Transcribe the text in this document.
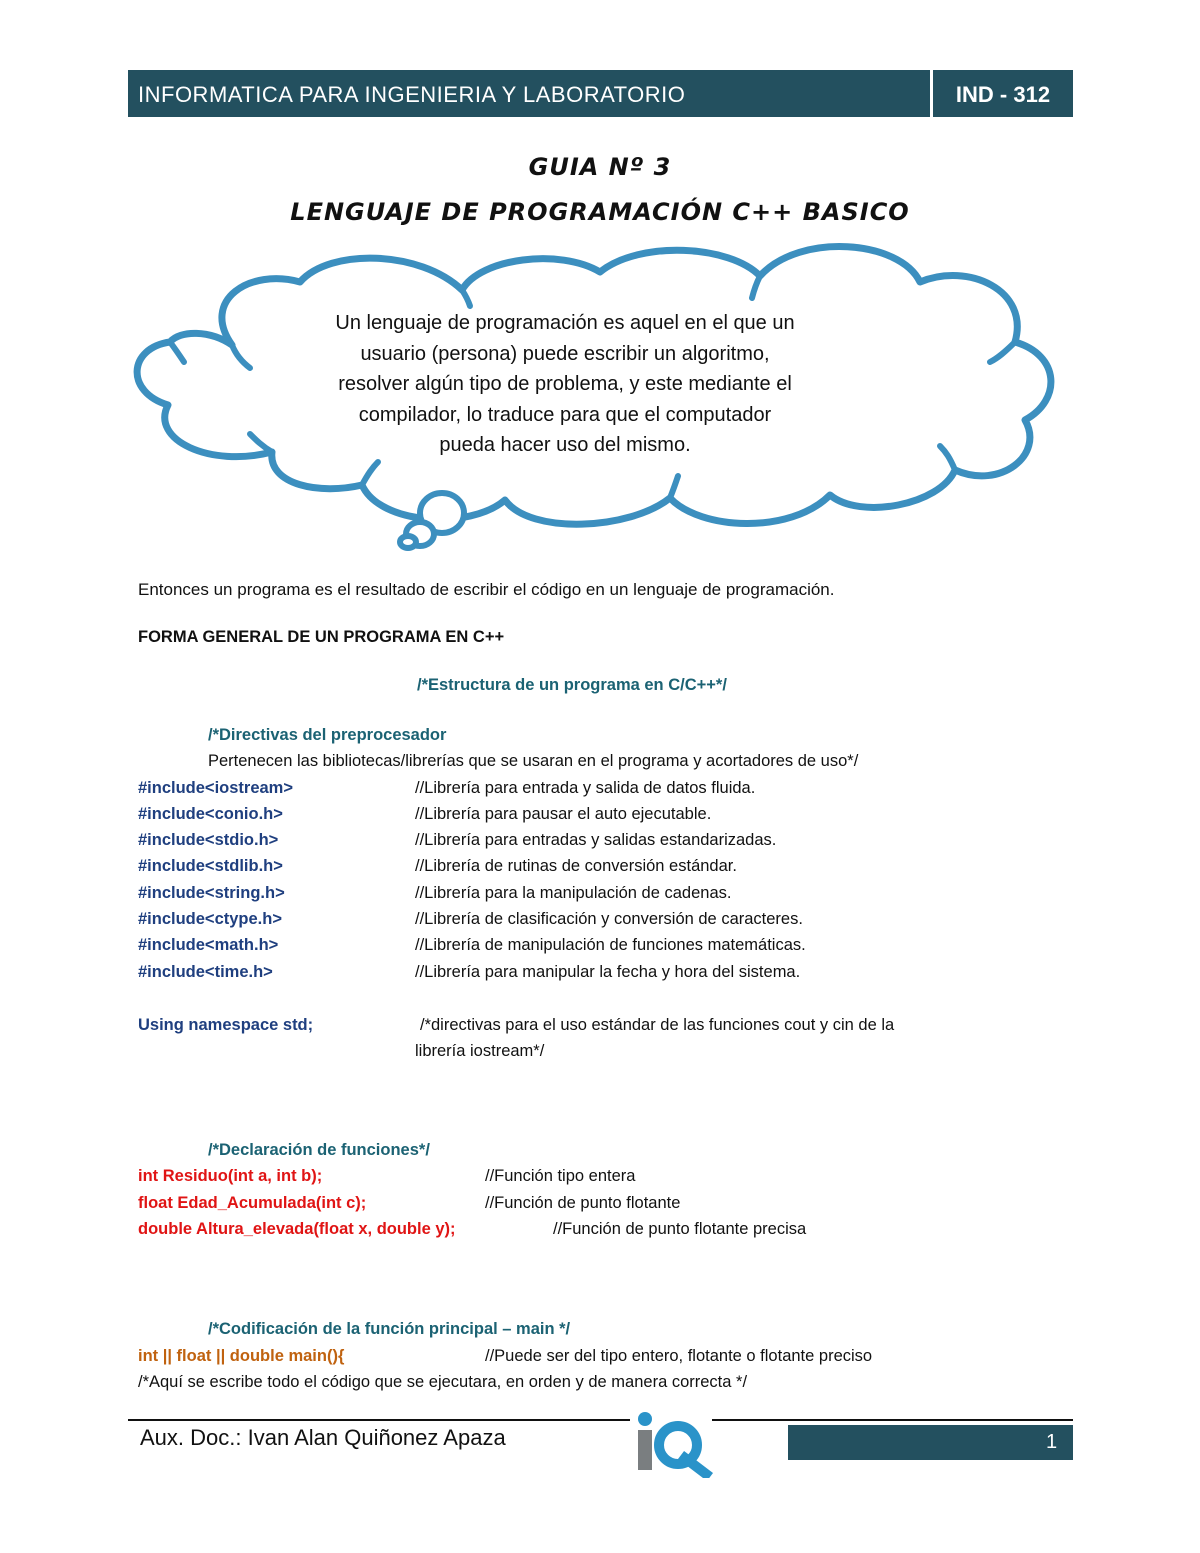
INFORMATICA PARA INGENIERIA Y LABORATORIO	IND - 312
GUIA Nº 3
LENGUAJE DE PROGRAMACIÓN C++ BASICO
Un lenguaje de programación es aquel en el que un
usuario (persona) puede escribir un algoritmo,
resolver algún tipo de problema, y este mediante el
compilador, lo traduce para que el computador
pueda hacer uso del mismo.
Entonces un programa es el resultado de escribir el código en un lenguaje de programación.
FORMA GENERAL DE UN PROGRAMA EN C++
/*Estructura de un programa en C/C++*/
/*Directivas del preprocesador
Pertenecen las bibliotecas/librerías que se usaran en el programa y acortadores de uso*/
#include<iostream>	//Librería para entrada y salida de datos fluida.
#include<conio.h>	//Librería para pausar el auto ejecutable.
#include<stdio.h>	//Librería para entradas y salidas estandarizadas.
#include<stdlib.h>	//Librería de rutinas de conversión estándar.
#include<string.h>	//Librería para la manipulación de cadenas.
#include<ctype.h>	//Librería de clasificación y conversión de caracteres.
#include<math.h>	//Librería de manipulación de funciones matemáticas.
#include<time.h>	//Librería para manipular la fecha y hora del sistema.
Using namespace std;	/*directivas para el uso estándar de las funciones cout y cin de la
librería iostream*/
/*Declaración de funciones*/
int Residuo(int a, int b);	//Función tipo entera
float Edad_Acumulada(int c);	//Función de punto flotante
double Altura_elevada(float x, double y);	//Función de punto flotante precisa
/*Codificación de la función principal – main */
int || float || double main(){	//Puede ser del tipo entero, flotante o flotante preciso
/*Aquí se escribe todo el código que se ejecutara, en orden y de manera correcta */
Aux. Doc.: Ivan Alan Quiñonez Apaza	1
